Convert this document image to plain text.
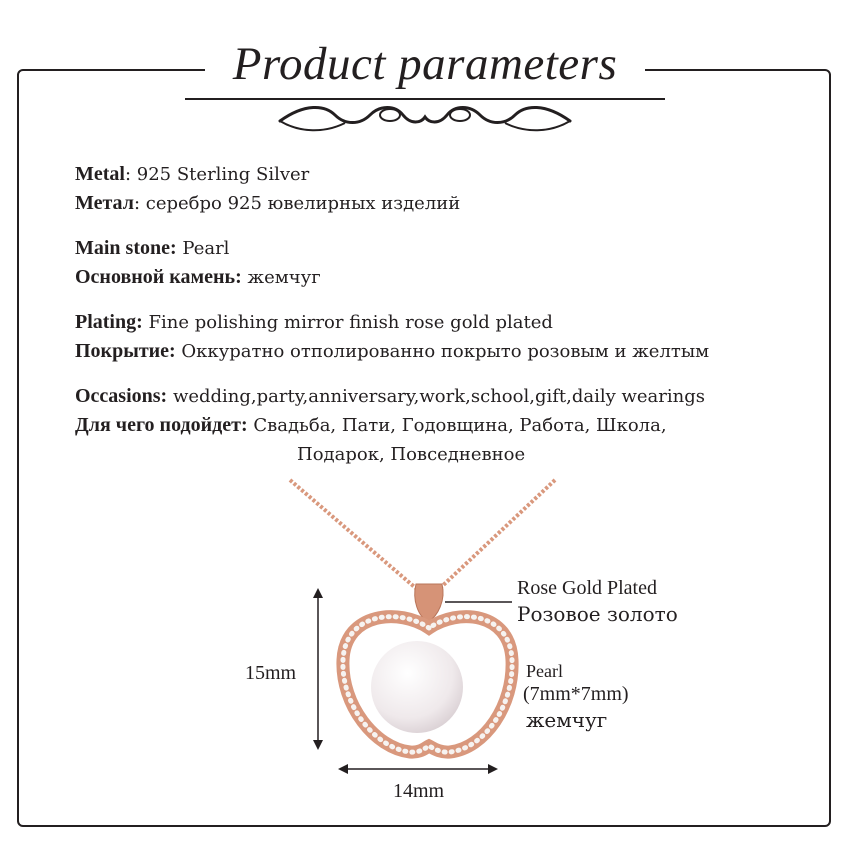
Product parameters
Metal: 925 Sterling Silver
Метал: серебро 925 ювелирных изделий
Main stone: Pearl
Основной камень: жемчуг
Plating: Fine polishing mirror finish rose gold plated
Покрытие: Оккуратно отполированно покрыто розовым и желтым
Occasions: wedding,party,anniversary,work,school,gift,daily wearings
Для чего подойдет: Свадьба, Пати, Годовщина, Работа, Школа,
Подарок, Повседневное
Rose Gold Plated
Розовое золото
Pearl
(7mm*7mm)
жемчуг
15mm
14mm
